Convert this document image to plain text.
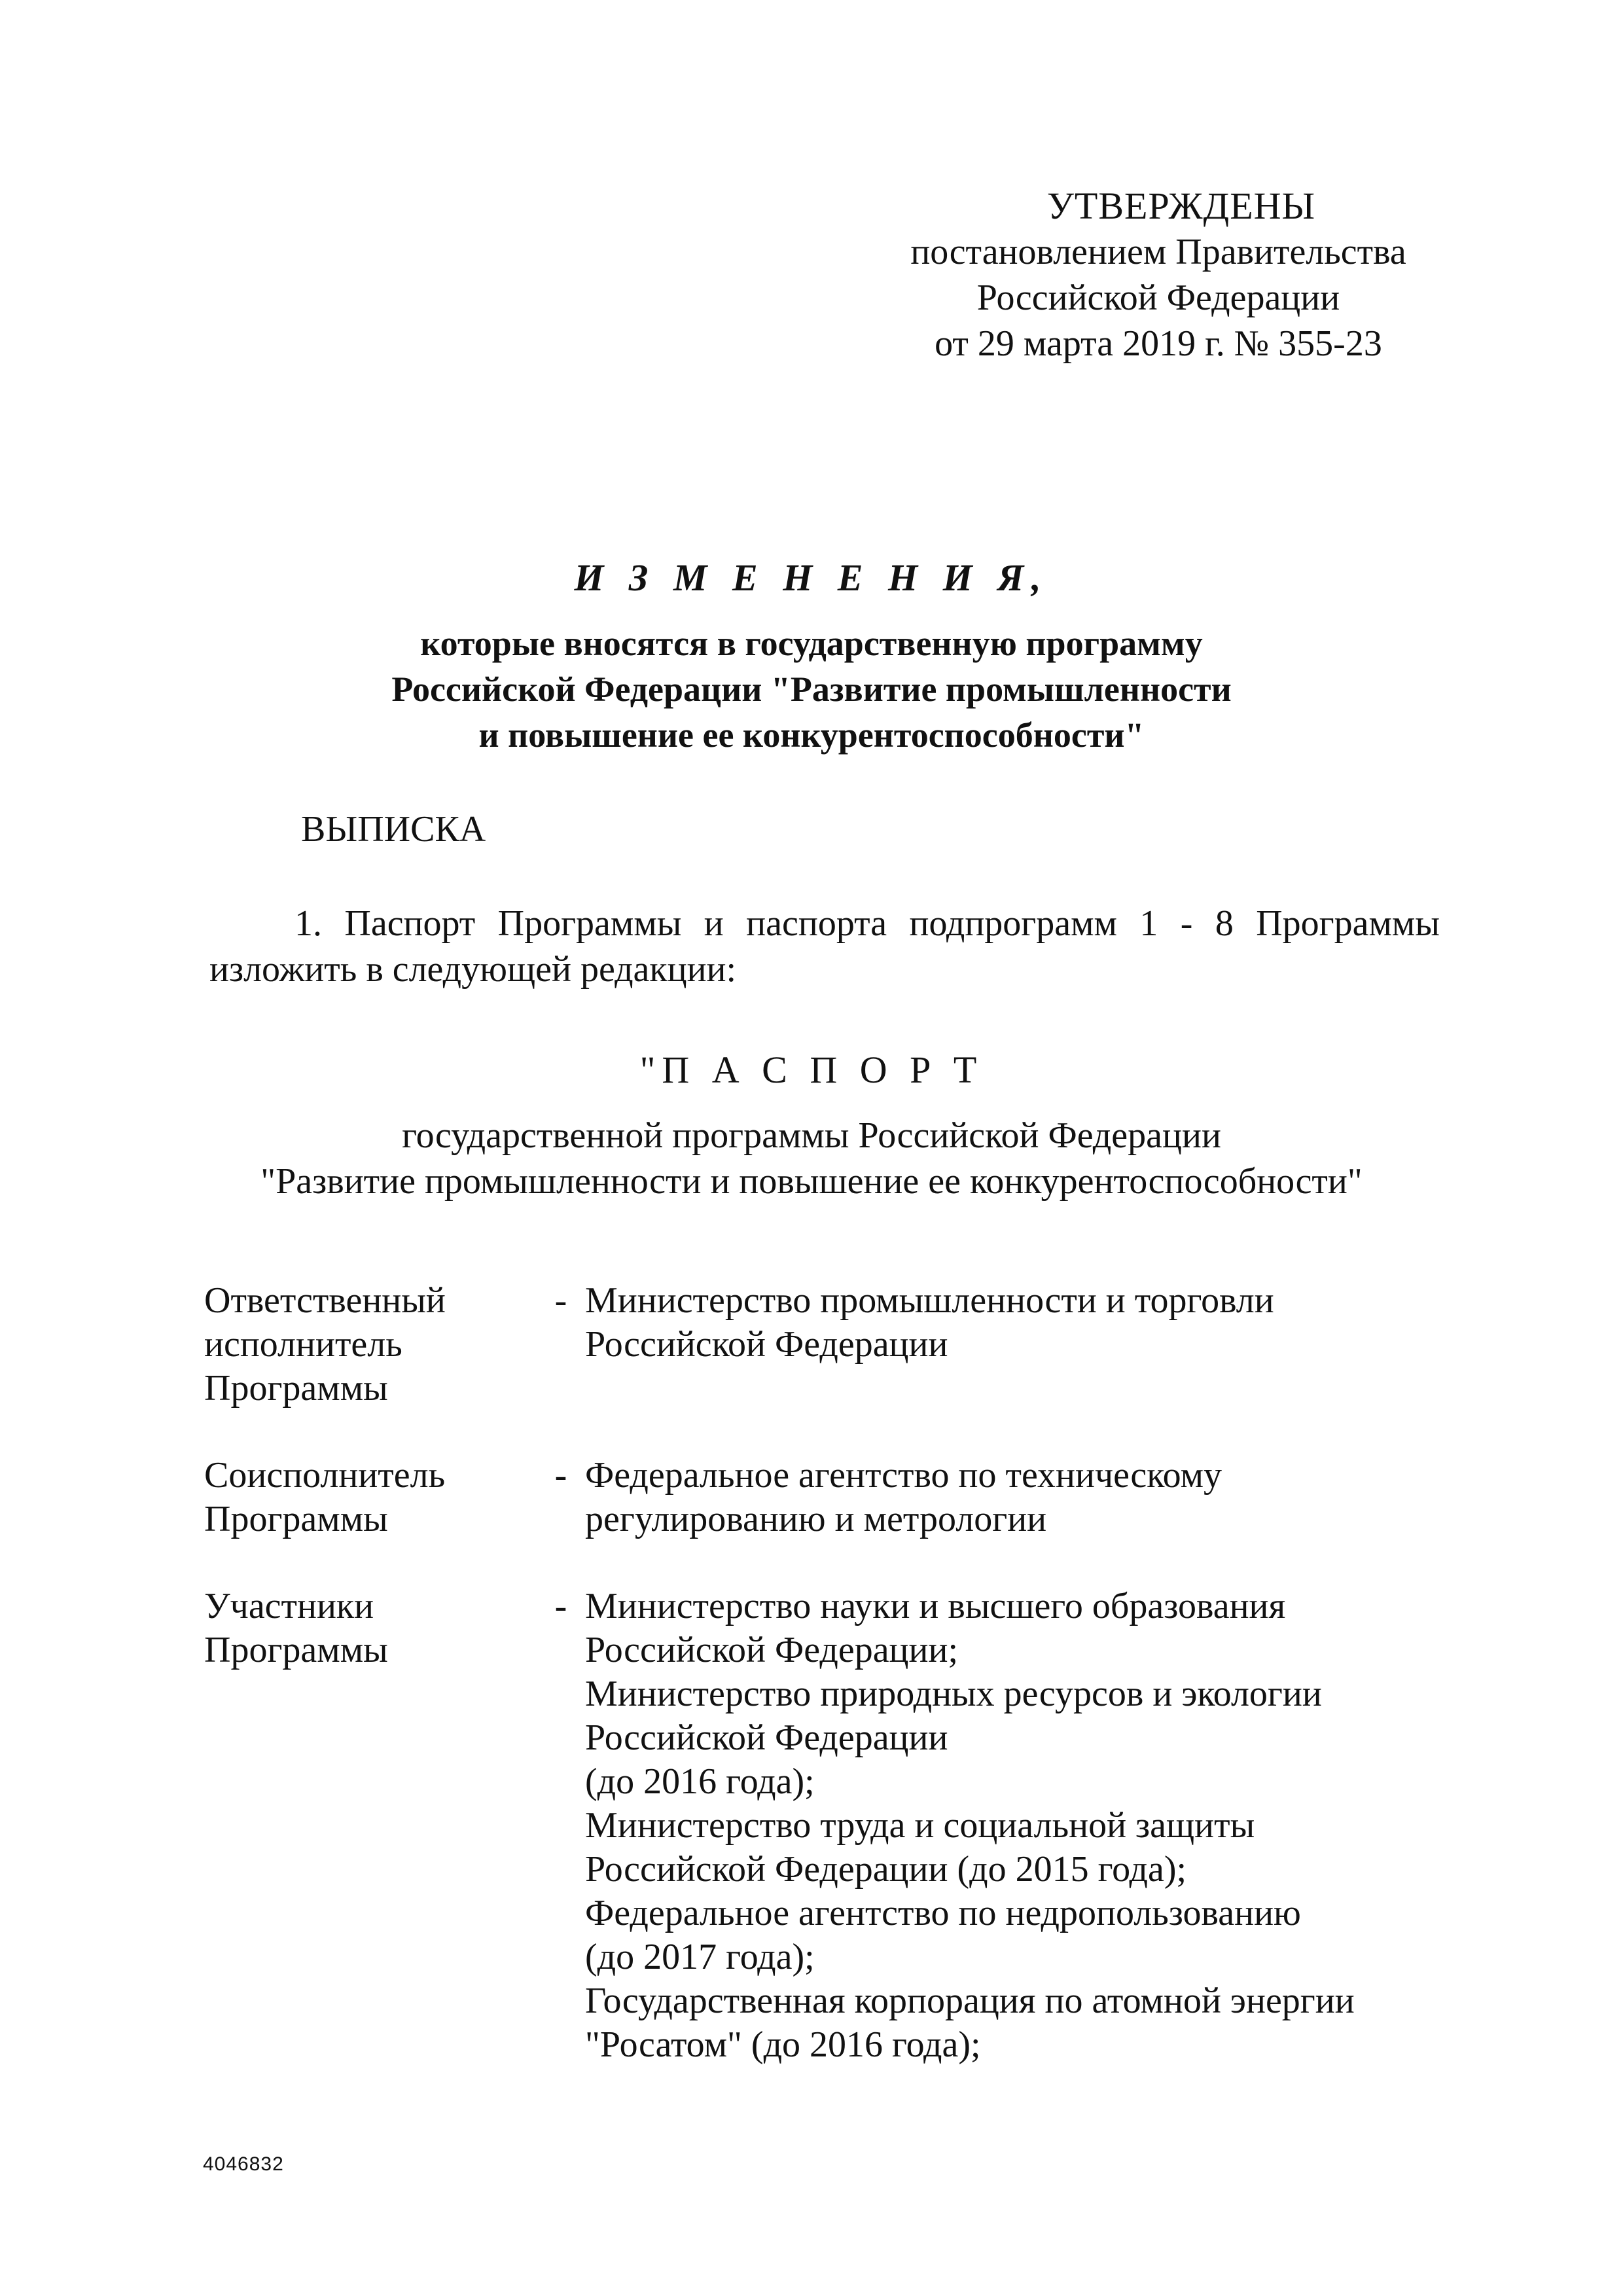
УТВЕРЖДЕНЫ
постановлением Правительства
Российской Федерации
от 29 марта 2019 г. № 355-23
И З М Е Н Е Н И Я,
которые вносятся в государственную программу
Российской Федерации "Развитие промышленности
и повышение ее конкурентоспособности"
ВЫПИСКА
1. Паспорт Программы и паспорта подпрограмм 1 - 8 Программы
изложить в следующей редакции:
"П А С П О Р Т
государственной программы Российской Федерации
"Развитие промышленности и повышение ее конкурентоспособности"
Ответственный
исполнитель
Программы
- Министерство промышленности и торговли
Российской Федерации
Соисполнитель
Программы
- Федеральное агентство по техническому
регулированию и метрологии
Участники
Программы
- Министерство науки и высшего образования
Российской Федерации;
Министерство природных ресурсов и экологии
Российской Федерации
(до 2016 года);
Министерство труда и социальной защиты
Российской Федерации (до 2015 года);
Федеральное агентство по недропользованию
(до 2017 года);
Государственная корпорация по атомной энергии
"Росатом" (до 2016 года);
4046832
